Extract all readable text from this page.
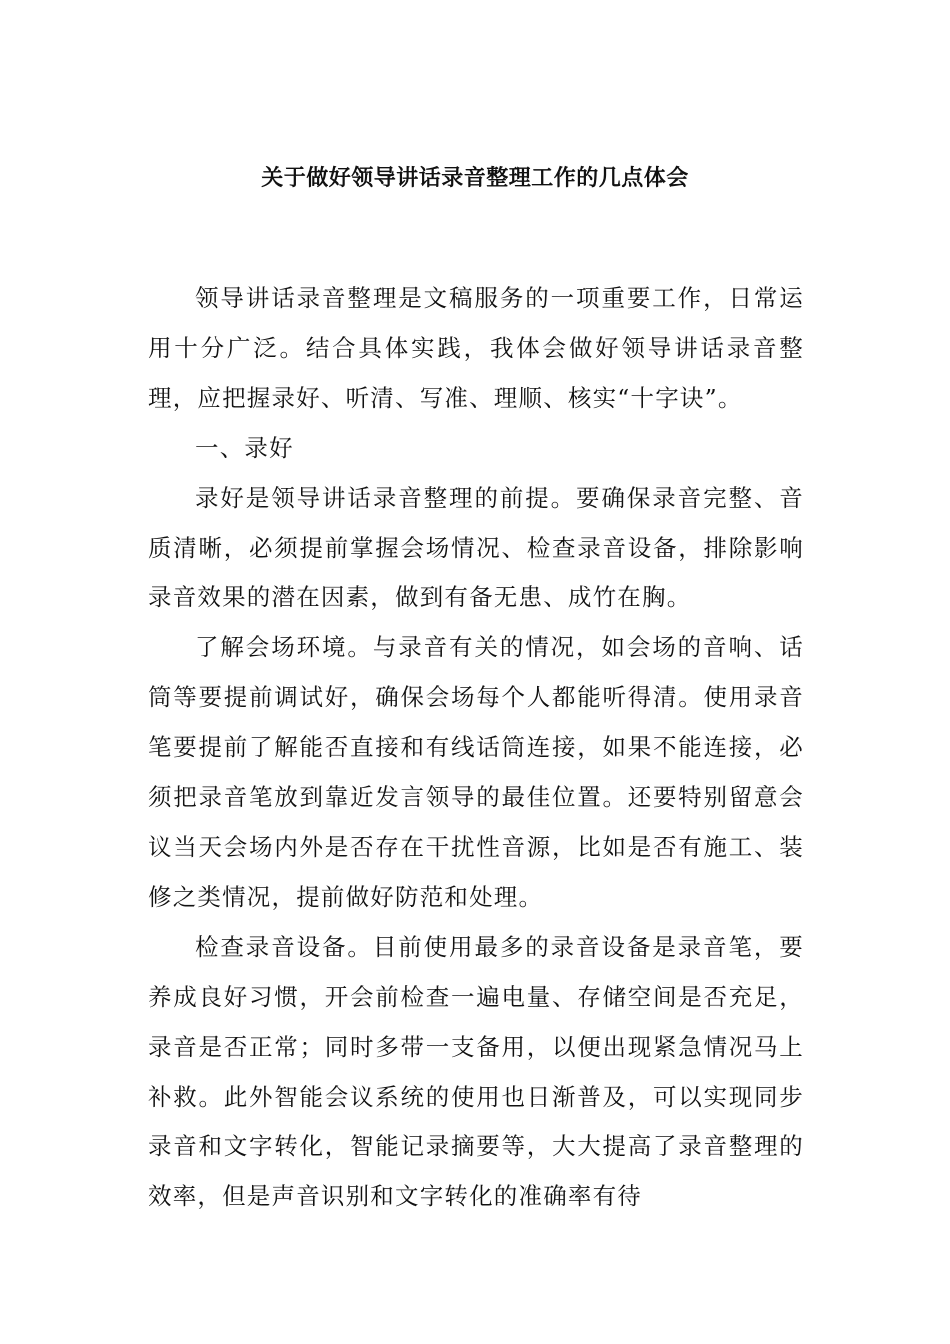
关于做好领导讲话录音整理工作的几点体会

领导讲话录音整理是文稿服务的一项重要工作，日常运用十分广泛。结合具体实践，我体会做好领导讲话录音整理，应把握录好、听清、写准、理顺、核实“十字诀”。

一、录好

录好是领导讲话录音整理的前提。要确保录音完整、音质清晰，必须提前掌握会场情况、检查录音设备，排除影响录音效果的潜在因素，做到有备无患、成竹在胸。

了解会场环境。与录音有关的情况，如会场的音响、话筒等要提前调试好，确保会场每个人都能听得清。使用录音笔要提前了解能否直接和有线话筒连接，如果不能连接，必须把录音笔放到靠近发言领导的最佳位置。还要特别留意会议当天会场内外是否存在干扰性音源，比如是否有施工、装修之类情况，提前做好防范和处理。

检查录音设备。目前使用最多的录音设备是录音笔，要养成良好习惯，开会前检查一遍电量、存储空间是否充足，录音是否正常；同时多带一支备用，以便出现紧急情况马上补救。此外智能会议系统的使用也日渐普及，可以实现同步录音和文字转化，智能记录摘要等，大大提高了录音整理的效率，但是声音识别和文字转化的准确率有待
